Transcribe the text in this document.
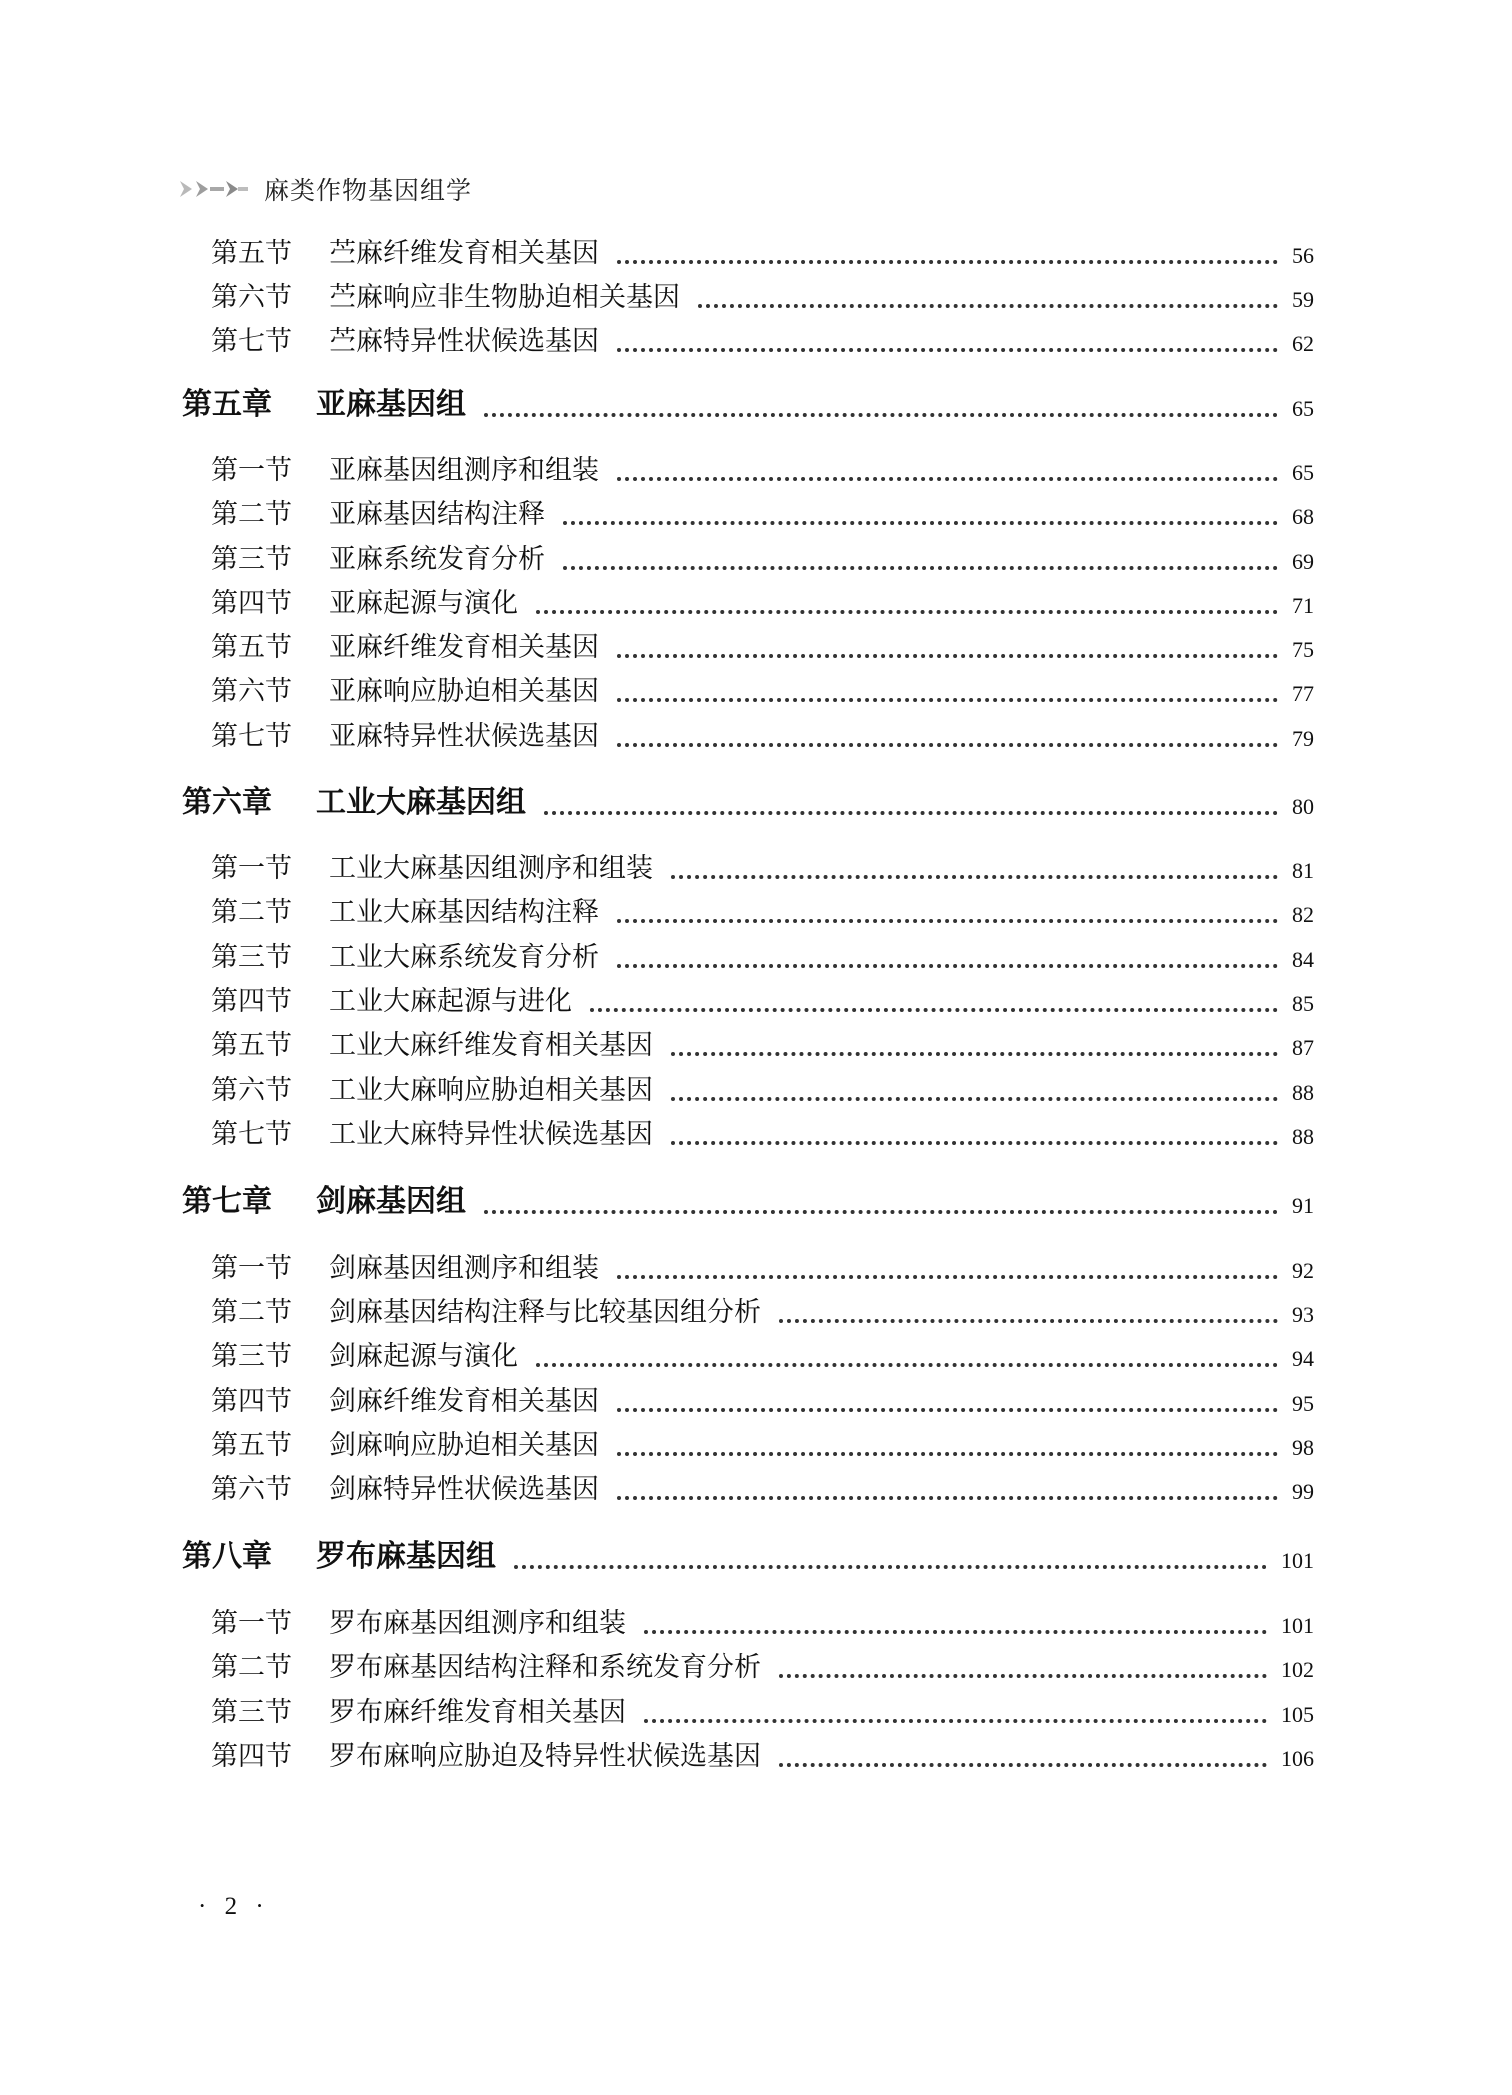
麻类作物基因组学
第五节	苎麻纤维发育相关基因	56
第六节	苎麻响应非生物胁迫相关基因	59
第七节	苎麻特异性状候选基因	62
第五章	亚麻基因组	65
第一节	亚麻基因组测序和组装	65
第二节	亚麻基因结构注释	68
第三节	亚麻系统发育分析	69
第四节	亚麻起源与演化	71
第五节	亚麻纤维发育相关基因	75
第六节	亚麻响应胁迫相关基因	77
第七节	亚麻特异性状候选基因	79
第六章	工业大麻基因组	80
第一节	工业大麻基因组测序和组装	81
第二节	工业大麻基因结构注释	82
第三节	工业大麻系统发育分析	84
第四节	工业大麻起源与进化	85
第五节	工业大麻纤维发育相关基因	87
第六节	工业大麻响应胁迫相关基因	88
第七节	工业大麻特异性状候选基因	88
第七章	剑麻基因组	91
第一节	剑麻基因组测序和组装	92
第二节	剑麻基因结构注释与比较基因组分析	93
第三节	剑麻起源与演化	94
第四节	剑麻纤维发育相关基因	95
第五节	剑麻响应胁迫相关基因	98
第六节	剑麻特异性状候选基因	99
第八章	罗布麻基因组	101
第一节	罗布麻基因组测序和组装	101
第二节	罗布麻基因结构注释和系统发育分析	102
第三节	罗布麻纤维发育相关基因	105
第四节	罗布麻响应胁迫及特异性状候选基因	106
· 2 ·
